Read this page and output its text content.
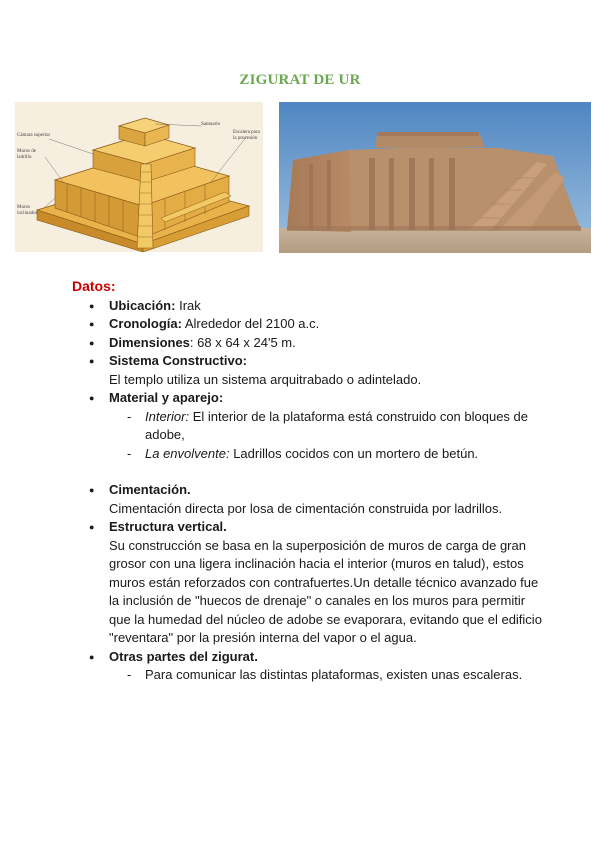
ZIGURAT DE UR
Cámara superior
Muros de ladrillo
Muros inclinados
Santuario
Escalera para la procesión
Datos:
● Ubicación: Irak
● Cronología: Alrededor del 2100 a.c.
● Dimensiones: 68 x 64 x 24'5 m.
● Sistema Constructivo:
El templo utiliza un sistema arquitrabado o adintelado.
● Material y aparejo:
- Interior: El interior de la plataforma está construido con bloques de adobe,
- La envolvente: Ladrillos cocidos con un mortero de betún.
● Cimentación.
Cimentación directa por losa de cimentación construida por ladrillos.
● Estructura vertical.
Su construcción se basa en la superposición de muros de carga de gran grosor con una ligera inclinación hacia el interior (muros en talud), estos muros están reforzados con contrafuertes.Un detalle técnico avanzado fue la inclusión de "huecos de drenaje" o canales en los muros para permitir que la humedad del núcleo de adobe se evaporara, evitando que el edificio "reventara" por la presión interna del vapor o el agua.
● Otras partes del zigurat.
- Para comunicar las distintas plataformas, existen unas escaleras.
